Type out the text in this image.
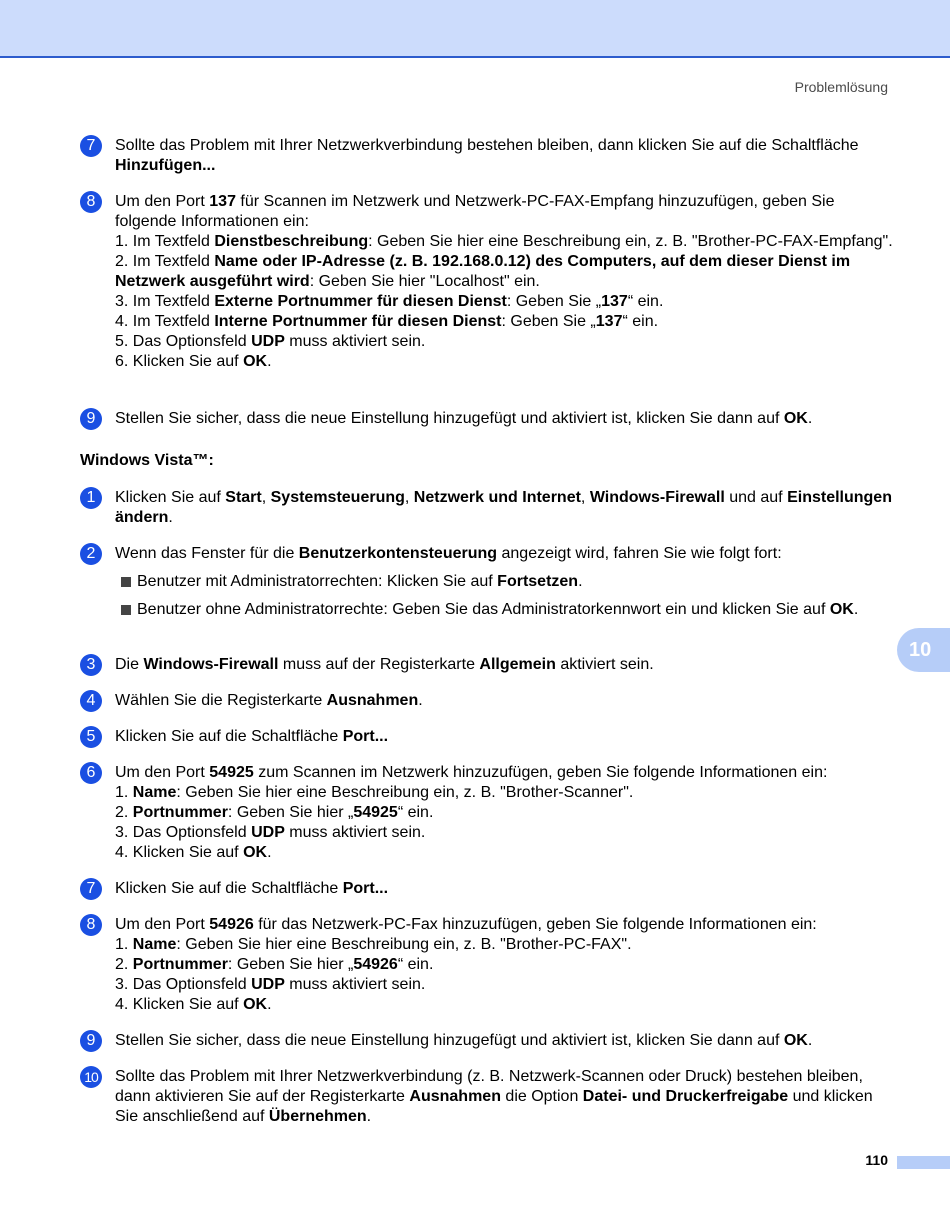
Problemlösung
10
7	Sollte das Problem mit Ihrer Netzwerkverbindung bestehen bleiben, dann klicken Sie auf die Schaltfläche Hinzufügen...
8	Um den Port 137 für Scannen im Netzwerk und Netzwerk-PC-FAX-Empfang hinzuzufügen, geben Sie folgende Informationen ein:
1. Im Textfeld Dienstbeschreibung: Geben Sie hier eine Beschreibung ein, z. B. "Brother-PC-FAX-Empfang".
2. Im Textfeld Name oder IP-Adresse (z. B. 192.168.0.12) des Computers, auf dem dieser Dienst im Netzwerk ausgeführt wird: Geben Sie hier "Localhost" ein.
3. Im Textfeld Externe Portnummer für diesen Dienst: Geben Sie „137“ ein.
4. Im Textfeld Interne Portnummer für diesen Dienst: Geben Sie „137“ ein.
5. Das Optionsfeld UDP muss aktiviert sein.
6. Klicken Sie auf OK.
9	Stellen Sie sicher, dass die neue Einstellung hinzugefügt und aktiviert ist, klicken Sie dann auf OK.
Windows Vista™:
1	Klicken Sie auf Start, Systemsteuerung, Netzwerk und Internet, Windows-Firewall und auf Einstellungen ändern.
2	Wenn das Fenster für die Benutzerkontensteuerung angezeigt wird, fahren Sie wie folgt fort:
Benutzer mit Administratorrechten: Klicken Sie auf Fortsetzen.
Benutzer ohne Administratorrechte: Geben Sie das Administratorkennwort ein und klicken Sie auf OK.
3	Die Windows-Firewall muss auf der Registerkarte Allgemein aktiviert sein.
4	Wählen Sie die Registerkarte Ausnahmen.
5	Klicken Sie auf die Schaltfläche Port...
6	Um den Port 54925 zum Scannen im Netzwerk hinzuzufügen, geben Sie folgende Informationen ein:
1. Name: Geben Sie hier eine Beschreibung ein, z. B. "Brother-Scanner".
2. Portnummer: Geben Sie hier „54925“ ein.
3. Das Optionsfeld UDP muss aktiviert sein.
4. Klicken Sie auf OK.
7	Klicken Sie auf die Schaltfläche Port...
8	Um den Port 54926 für das Netzwerk-PC-Fax hinzuzufügen, geben Sie folgende Informationen ein:
1. Name: Geben Sie hier eine Beschreibung ein, z. B. "Brother-PC-FAX".
2. Portnummer: Geben Sie hier „54926“ ein.
3. Das Optionsfeld UDP muss aktiviert sein.
4. Klicken Sie auf OK.
9	Stellen Sie sicher, dass die neue Einstellung hinzugefügt und aktiviert ist, klicken Sie dann auf OK.
10 Sollte das Problem mit Ihrer Netzwerkverbindung (z. B. Netzwerk-Scannen oder Druck) bestehen bleiben, dann aktivieren Sie auf der Registerkarte Ausnahmen die Option Datei- und Druckerfreigabe und klicken Sie anschließend auf Übernehmen.
110
